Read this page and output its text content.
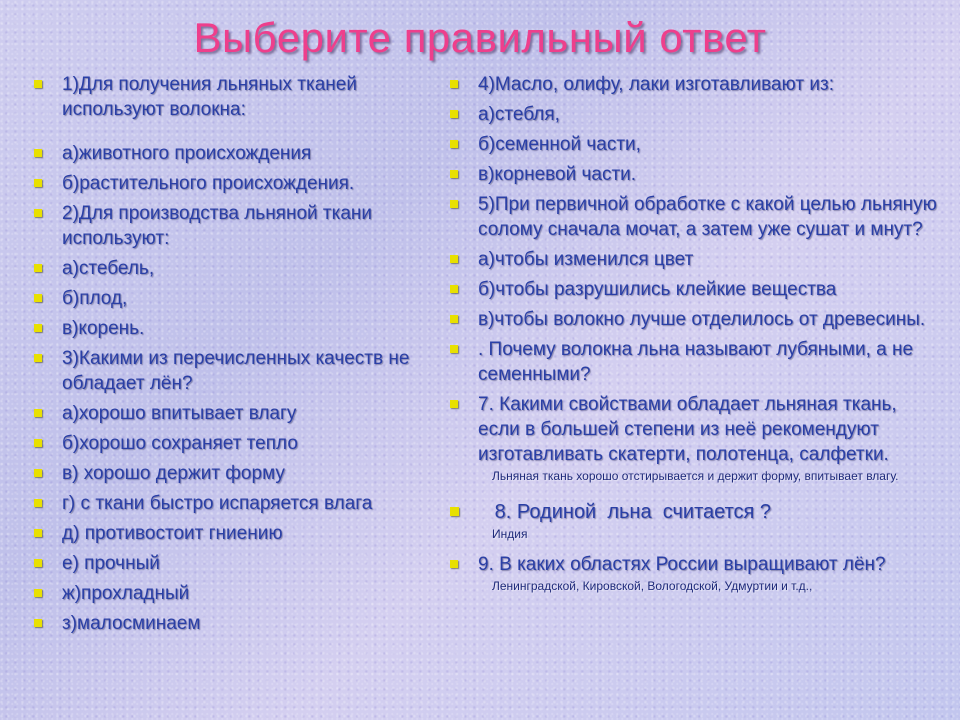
Выберите правильный ответ
1)Для получения льняных тканей используют волокна:
а)животного происхождения
б)растительного происхождения.
2)Для производства льняной ткани используют:
а)стебель,
б)плод,
в)корень.
3)Какими из перечисленных качеств не обладает лён?
а)хорошо впитывает влагу
б)хорошо сохраняет тепло
в) хорошо держит форму
г) с ткани быстро испаряется влага
д) противостоит гниению
е) прочный
ж)прохладный
з)малосминаем
4)Масло, олифу, лаки изготавливают из:
а)стебля,
б)семенной части,
в)корневой части.
5)При первичной обработке с какой целью льняную солому сначала мочат, а затем уже сушат и мнут?
а)чтобы изменился цвет
б)чтобы разрушились клейкие вещества
в)чтобы волокно лучше отделилось от древесины.
. Почему волокна льна называют лубяными, а не семенными?
7. Какими свойствами обладает льняная ткань, если в большей степени из неё рекомендуют изготавливать скатерти, полотенца, салфетки.
Льняная ткань хорошо отстирывается и держит форму, впитывает влагу.
8. Родиной  льна  считается ?
Индия
9. В каких областях России выращивают лён?
Ленинградской, Кировской, Вологодской, Удмуртии и т.д.,
